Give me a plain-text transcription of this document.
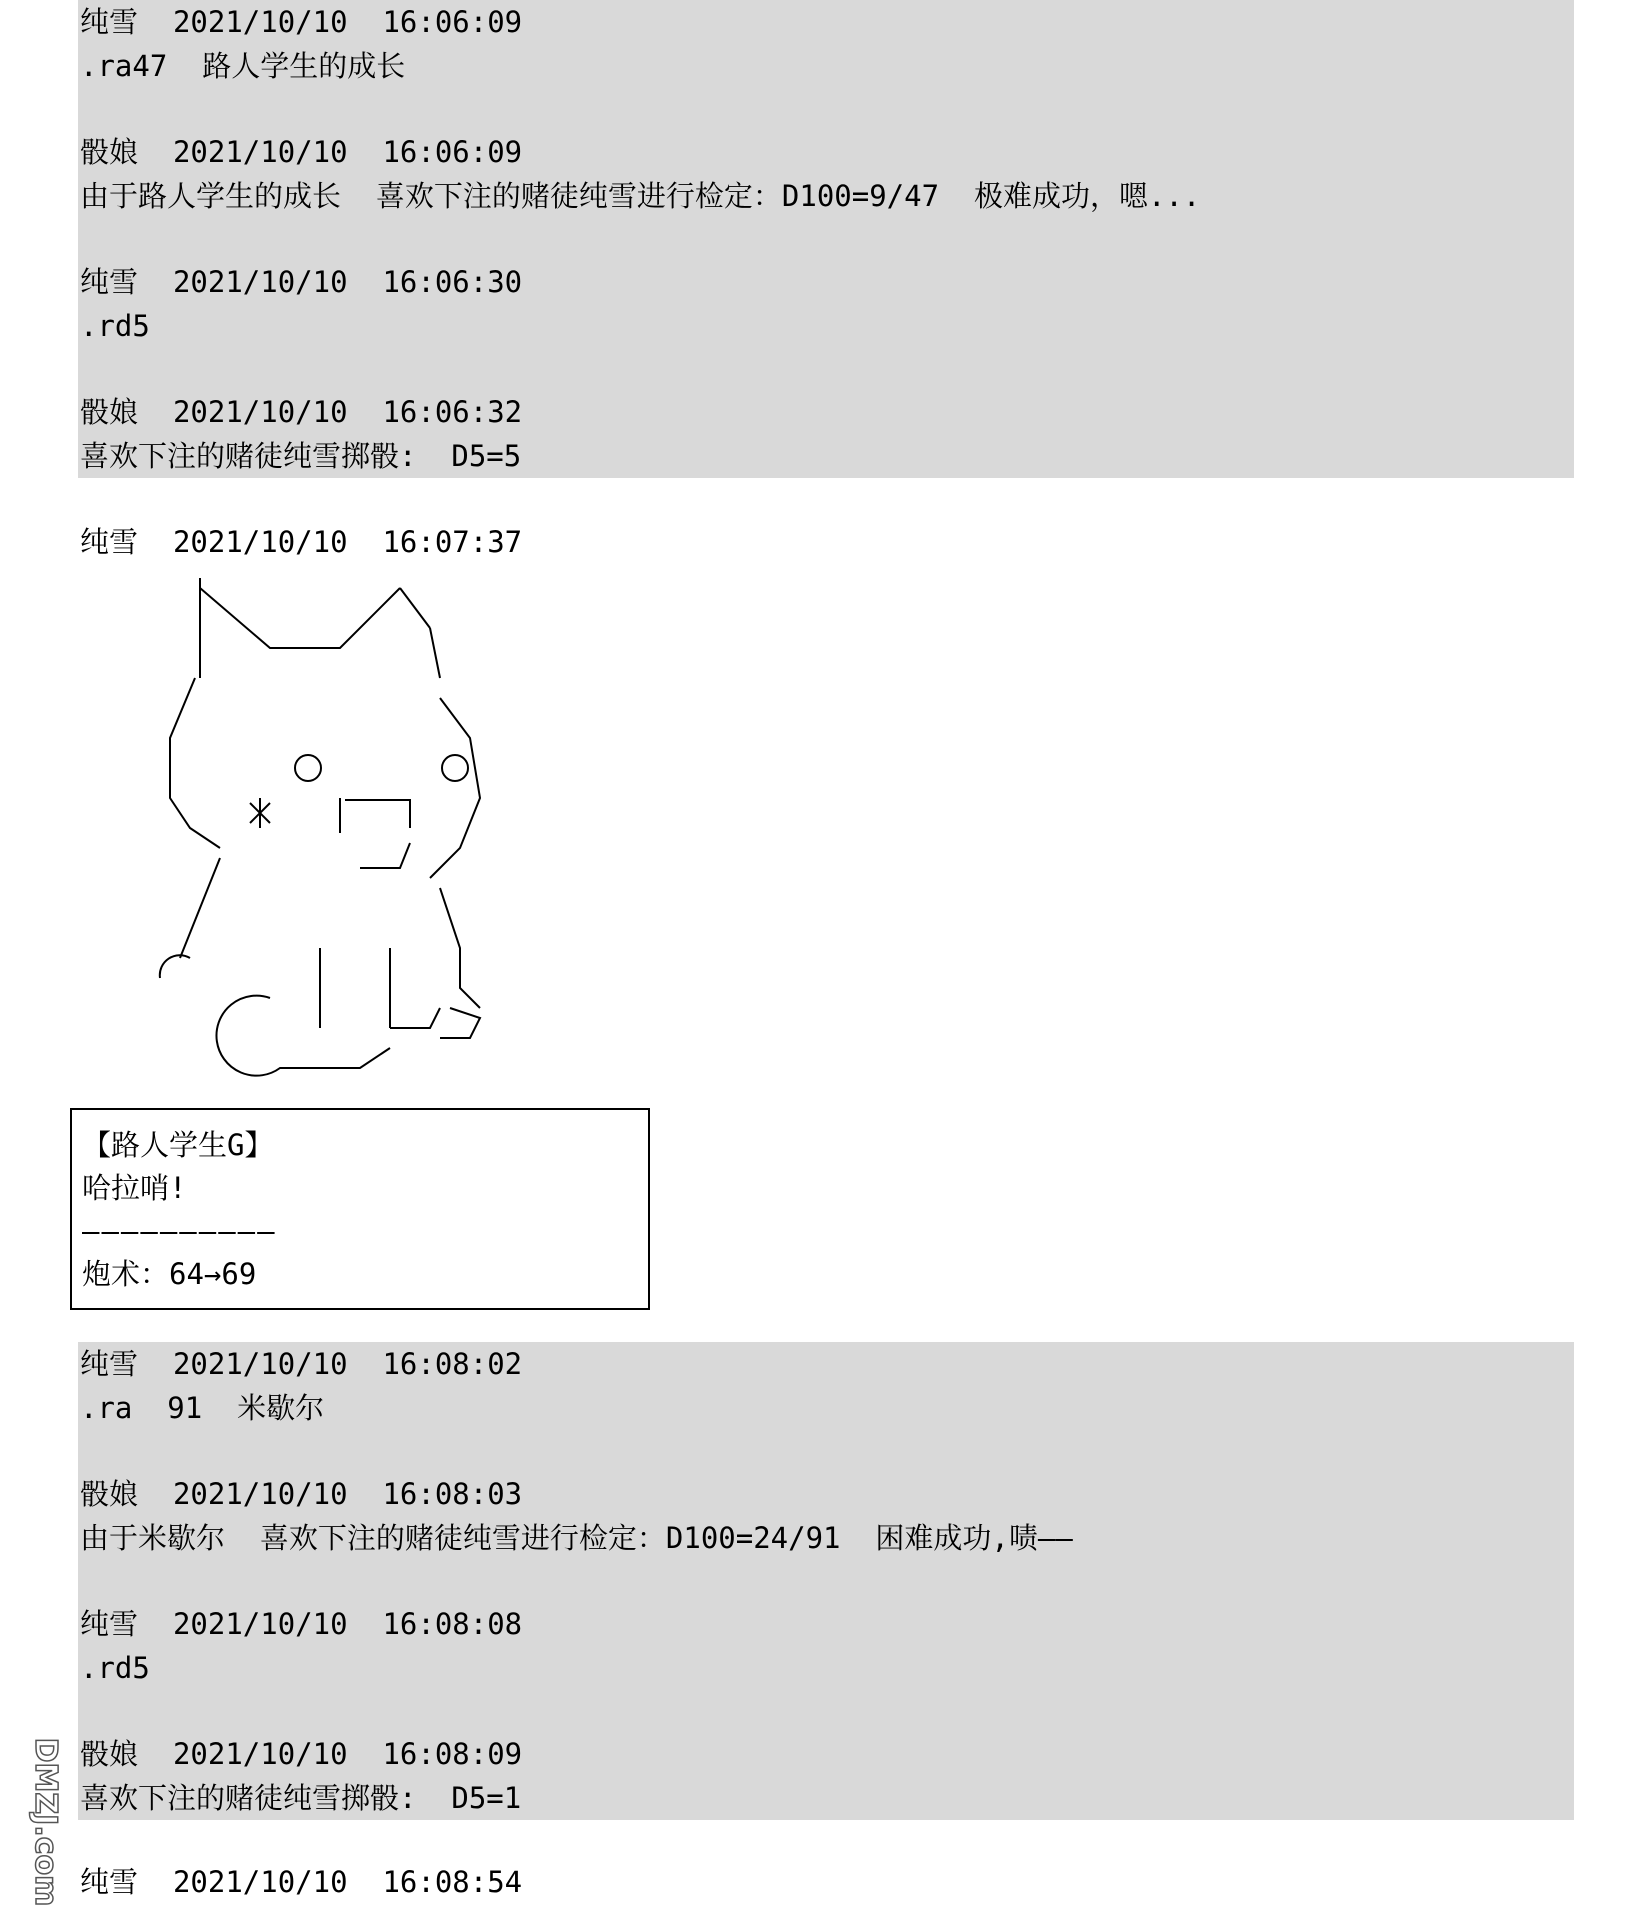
纯雪 2021/10/10  16:06:09
.ra47  路人学生的成长
骰娘 2021/10/10  16:06:09
由于路人学生的成长  喜欢下注的赌徒纯雪进行检定：D100=9/47  极难成功，嗯...
纯雪 2021/10/10  16:06:30
.rd5
骰娘 2021/10/10  16:06:32
喜欢下注的赌徒纯雪掷骰:  D5=5
纯雪 2021/10/10  16:07:37
【路人学生G】
哈拉哨!
——————————
炮术：64→69
纯雪 2021/10/10  16:08:02
.ra  91  米歇尔
骰娘 2021/10/10  16:08:03
由于米歇尔  喜欢下注的赌徒纯雪进行检定：D100=24/91  困难成功,啧——
纯雪 2021/10/10  16:08:08
.rd5
骰娘 2021/10/10  16:08:09
喜欢下注的赌徒纯雪掷骰:  D5=1
纯雪 2021/10/10  16:08:54
DMZJ.com
